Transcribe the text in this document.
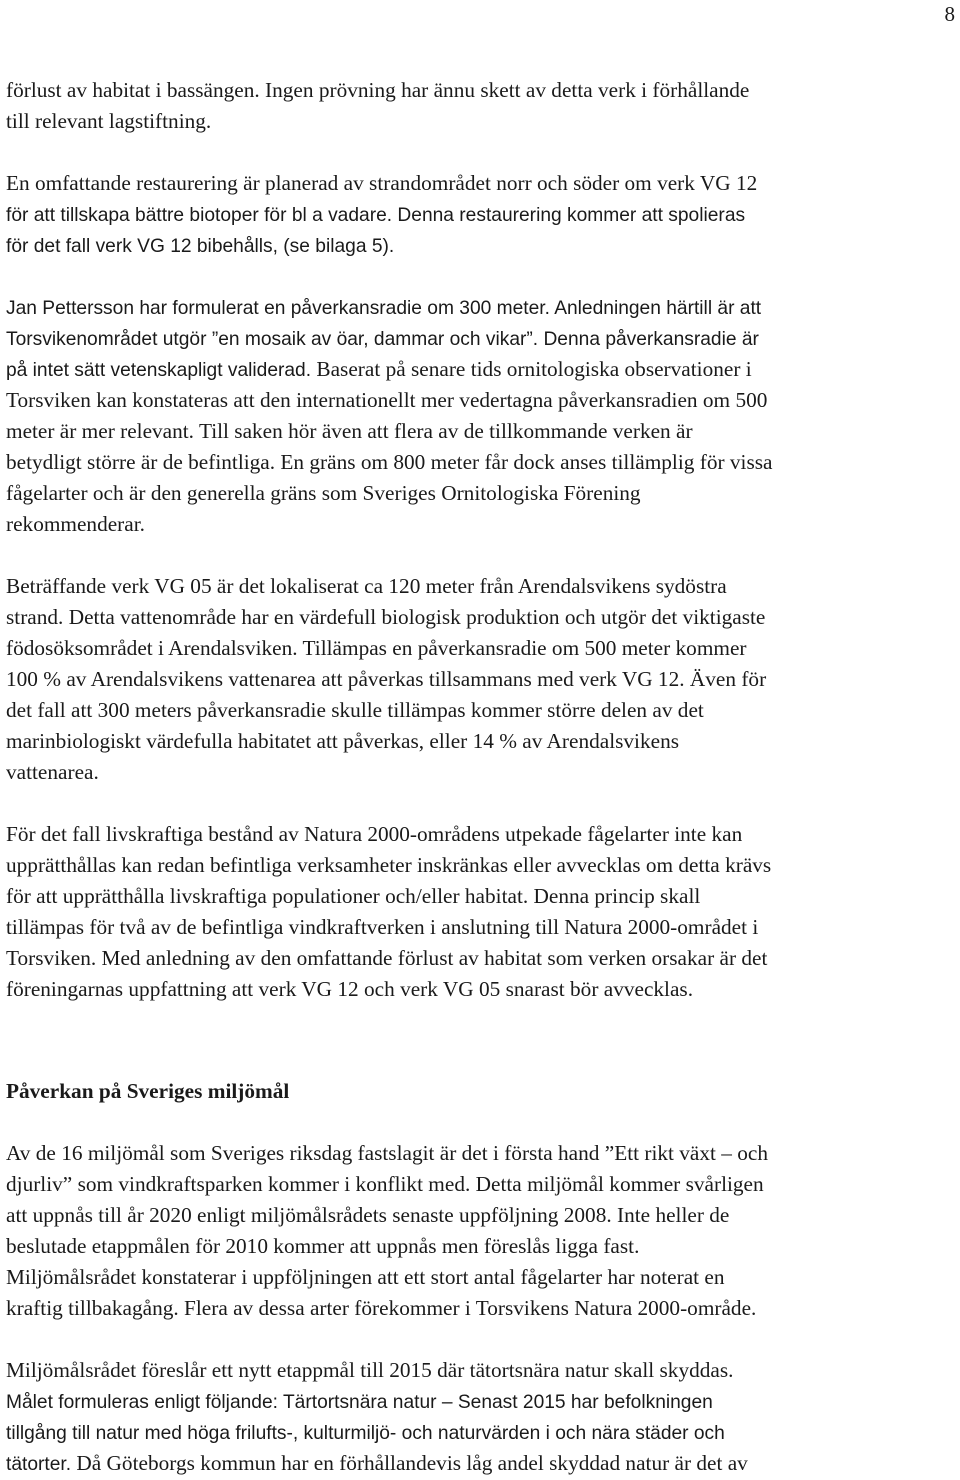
8

förlust av habitat i bassängen. Ingen prövning har ännu skett av detta verk i förhållande
till relevant lagstiftning.

En omfattande restaurering är planerad av strandområdet norr och söder om verk VG 12
för att tillskapa bättre biotoper för bl a vadare. Denna restaurering kommer att spolieras
för det fall verk VG 12 bibehålls, (se bilaga 5).

Jan Pettersson har formulerat en påverkansradie om 300 meter. Anledningen härtill är att
Torsvikenområdet utgör ”en mosaik av öar, dammar och vikar”. Denna påverkansradie är
på intet sätt vetenskapligt validerad. Baserat på senare tids ornitologiska observationer i
Torsviken kan konstateras att den internationellt mer vedertagna påverkansradien om 500
meter är mer relevant. Till saken hör även att flera av de tillkommande verken är
betydligt större är de befintliga. En gräns om 800 meter får dock anses tillämplig för vissa
fågelarter och är den generella gräns som Sveriges Ornitologiska Förening
rekommenderar.

Beträffande verk VG 05 är det lokaliserat ca 120 meter från Arendalsvikens sydöstra
strand. Detta vattenområde har en värdefull biologisk produktion och utgör det viktigaste
födosöksområdet i Arendalsviken. Tillämpas en påverkansradie om 500 meter kommer
100 % av Arendalsvikens vattenarea att påverkas tillsammans med verk VG 12. Även för
det fall att 300 meters påverkansradie skulle tillämpas kommer större delen av det
marinbiologiskt värdefulla habitatet att påverkas, eller 14 % av Arendalsvikens
vattenarea.

För det fall livskraftiga bestånd av Natura 2000-områdens utpekade fågelarter inte kan
upprätthållas kan redan befintliga verksamheter inskränkas eller avvecklas om detta krävs
för att upprätthålla livskraftiga populationer och/eller habitat. Denna princip skall
tillämpas för två av de befintliga vindkraftverken i anslutning till Natura 2000-området i
Torsviken. Med anledning av den omfattande förlust av habitat som verken orsakar är det
föreningarnas uppfattning att verk VG 12 och verk VG 05 snarast bör avvecklas.

Påverkan på Sveriges miljömål

Av de 16 miljömål som Sveriges riksdag fastslagit är det i första hand ”Ett rikt växt – och
djurliv” som vindkraftsparken kommer i konflikt med. Detta miljömål kommer svårligen
att uppnås till år 2020 enligt miljömålsrådets senaste uppföljning 2008. Inte heller de
beslutade etappmålen för 2010 kommer att uppnås men föreslås ligga fast.
Miljömålsrådet konstaterar i uppföljningen att ett stort antal fågelarter har noterat en
kraftig tillbakagång. Flera av dessa arter förekommer i Torsvikens Natura 2000-område.

Miljömålsrådet föreslår ett nytt etappmål till 2015 där tätortsnära natur skall skyddas.
Målet formuleras enligt följande: Tärtortsnära natur – Senast 2015 har befolkningen
tillgång till natur med höga frilufts-, kulturmiljö- och naturvärden i och nära städer och
tätorter. Då Göteborgs kommun har en förhållandevis låg andel skyddad natur är det av
